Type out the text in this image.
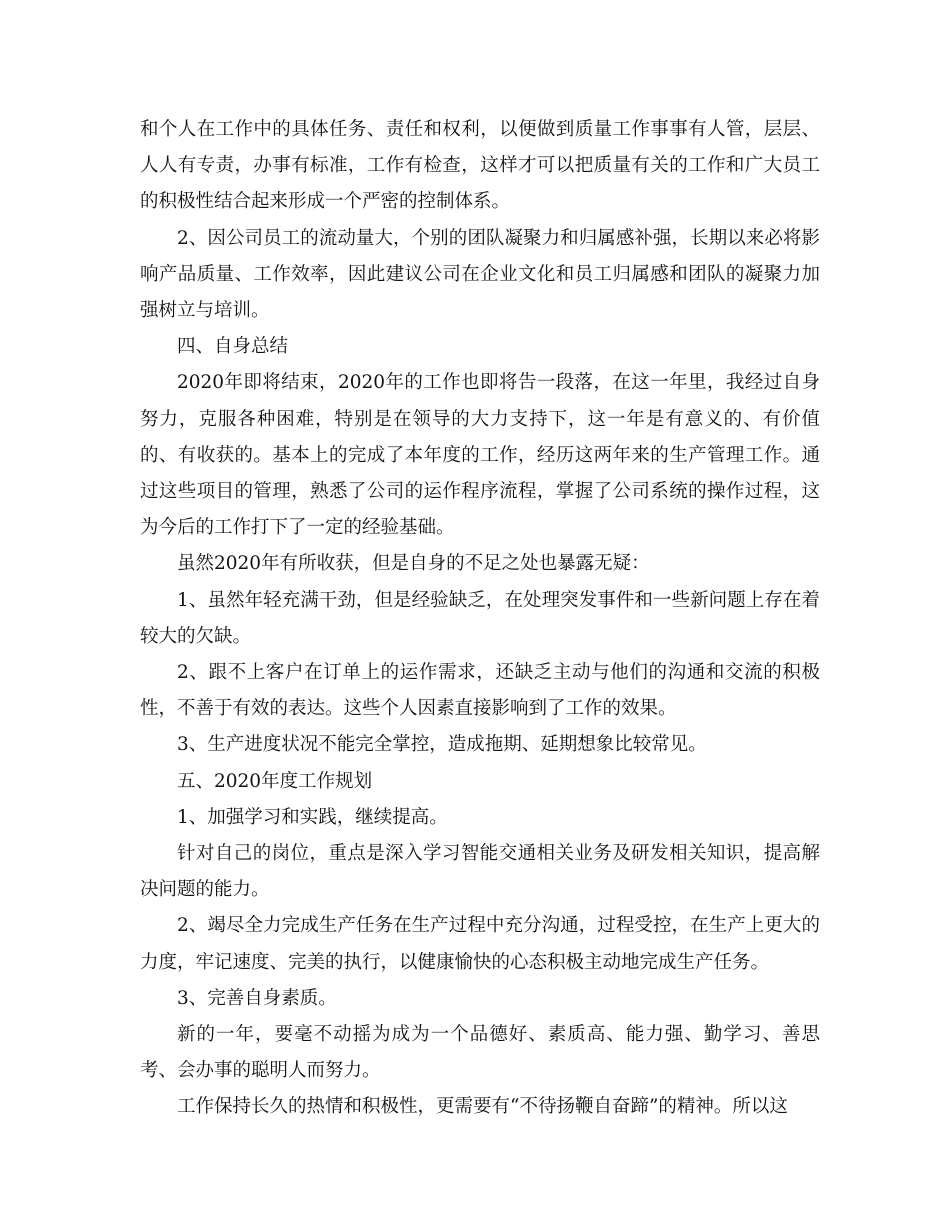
和个人在工作中的具体任务、责任和权利，以便做到质量工作事事有人管，层层、人人有专责，办事有标准，工作有检查，这样才可以把质量有关的工作和广大员工的积极性结合起来形成一个严密的控制体系。

2、因公司员工的流动量大，个别的团队凝聚力和归属感补强，长期以来必将影响产品质量、工作效率，因此建议公司在企业文化和员工归属感和团队的凝聚力加强树立与培训。

四、自身总结

2020年即将结束，2020年的工作也即将告一段落，在这一年里，我经过自身努力，克服各种困难，特别是在领导的大力支持下，这一年是有意义的、有价值的、有收获的。基本上的完成了本年度的工作，经历这两年来的生产管理工作。通过这些项目的管理，熟悉了公司的运作程序流程，掌握了公司系统的操作过程，这为今后的工作打下了一定的经验基础。

虽然2020年有所收获，但是自身的不足之处也暴露无疑：

1、虽然年轻充满干劲，但是经验缺乏，在处理突发事件和一些新问题上存在着较大的欠缺。

2、跟不上客户在订单上的运作需求，还缺乏主动与他们的沟通和交流的积极性，不善于有效的表达。这些个人因素直接影响到了工作的效果。

3、生产进度状况不能完全掌控，造成拖期、延期想象比较常见。

五、2020年度工作规划

1、加强学习和实践，继续提高。

针对自己的岗位，重点是深入学习智能交通相关业务及研发相关知识，提高解决问题的能力。

2、竭尽全力完成生产任务在生产过程中充分沟通，过程受控，在生产上更大的力度，牢记速度、完美的执行，以健康愉快的心态积极主动地完成生产任务。

3、完善自身素质。

新的一年，要毫不动摇为成为一个品德好、素质高、能力强、勤学习、善思考、会办事的聪明人而努力。

工作保持长久的热情和积极性，更需要有“不待扬鞭自奋蹄”的精神。所以这
